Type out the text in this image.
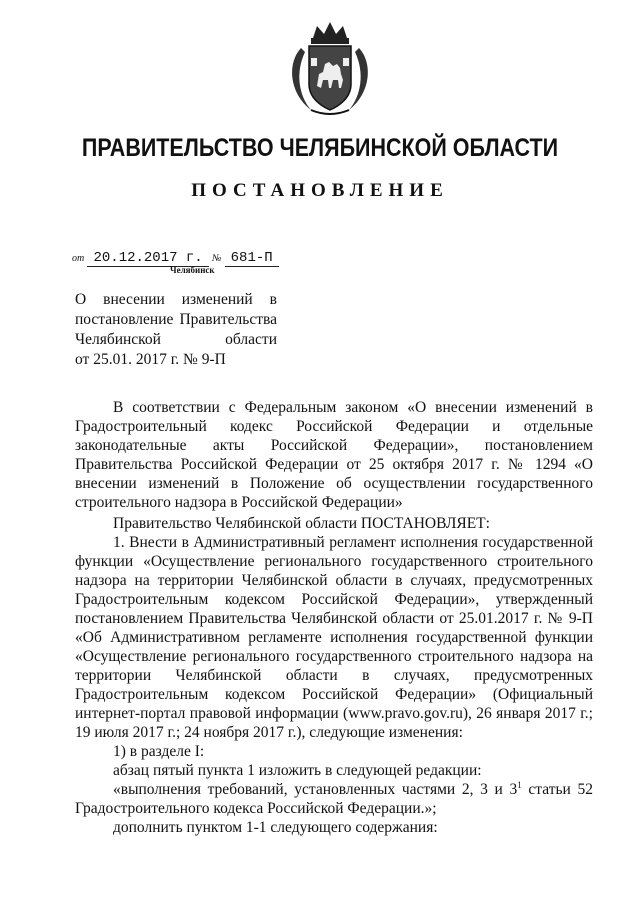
ПРАВИТЕЛЬСТВО ЧЕЛЯБИНСКОЙ ОБЛАСТИ
ПОСТАНОВЛЕНИЕ
от 20.12.2017 г. № 681-П
Челябинск
О внесении изменений в
постановление Правительства
Челябинской	области
от 25.01. 2017 г. № 9-П

В соответствии с Федеральным законом «О внесении изменений в Градостроительный кодекс Российской Федерации и отдельные законодательные акты Российской Федерации», постановлением Правительства Российской Федерации от 25 октября 2017 г. № 1294 «О внесении изменений в Положение об осуществлении государственного строительного надзора в Российской Федерации»

Правительство Челябинской области ПОСТАНОВЛЯЕТ:

1. Внести в Административный регламент исполнения государственной функции «Осуществление регионального государственного строительного надзора на территории Челябинской области в случаях, предусмотренных Градостроительным кодексом Российской Федерации», утвержденный постановлением Правительства Челябинской области от 25.01.2017 г. № 9-П «Об Административном регламенте исполнения государственной функции «Осуществление регионального государственного строительного надзора на территории Челябинской области в случаях, предусмотренных Градостроительным кодексом Российской Федерации» (Официальный интернет-портал правовой информации (www.pravo.gov.ru), 26 января 2017 г.; 19 июля 2017 г.; 24 ноября 2017 г.), следующие изменения:

1) в разделе I:

абзац пятый пункта 1 изложить в следующей редакции:

«выполнения требований, установленных частями 2, 3 и $3^1$ статьи 52 Градостроительного кодекса Российской Федерации.»;

дополнить пунктом 1-1 следующего содержания:
